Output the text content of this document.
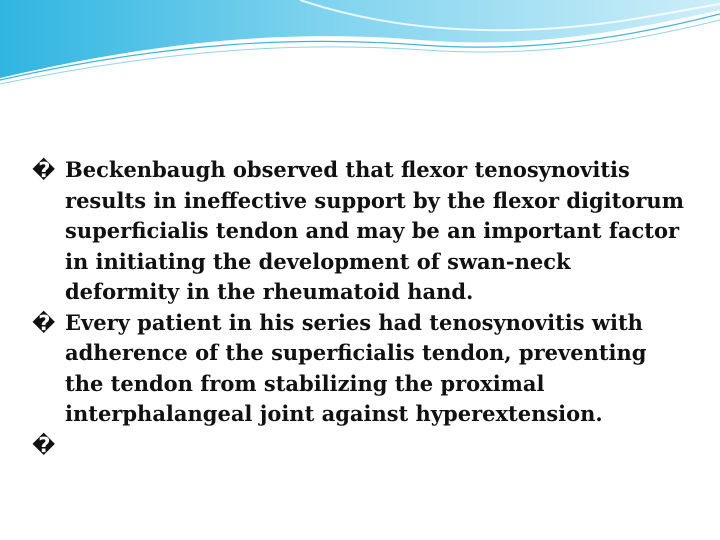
� Beckenbaugh observed that flexor tenosynovitis results in ineffective support by the flexor digitorum superficialis tendon and may be an important factor in initiating the development of swan-neck deformity in the rheumatoid hand.
� Every patient in his series had tenosynovitis with adherence of the superficialis tendon, preventing the tendon from stabilizing the proximal interphalangeal joint against hyperextension.
�
